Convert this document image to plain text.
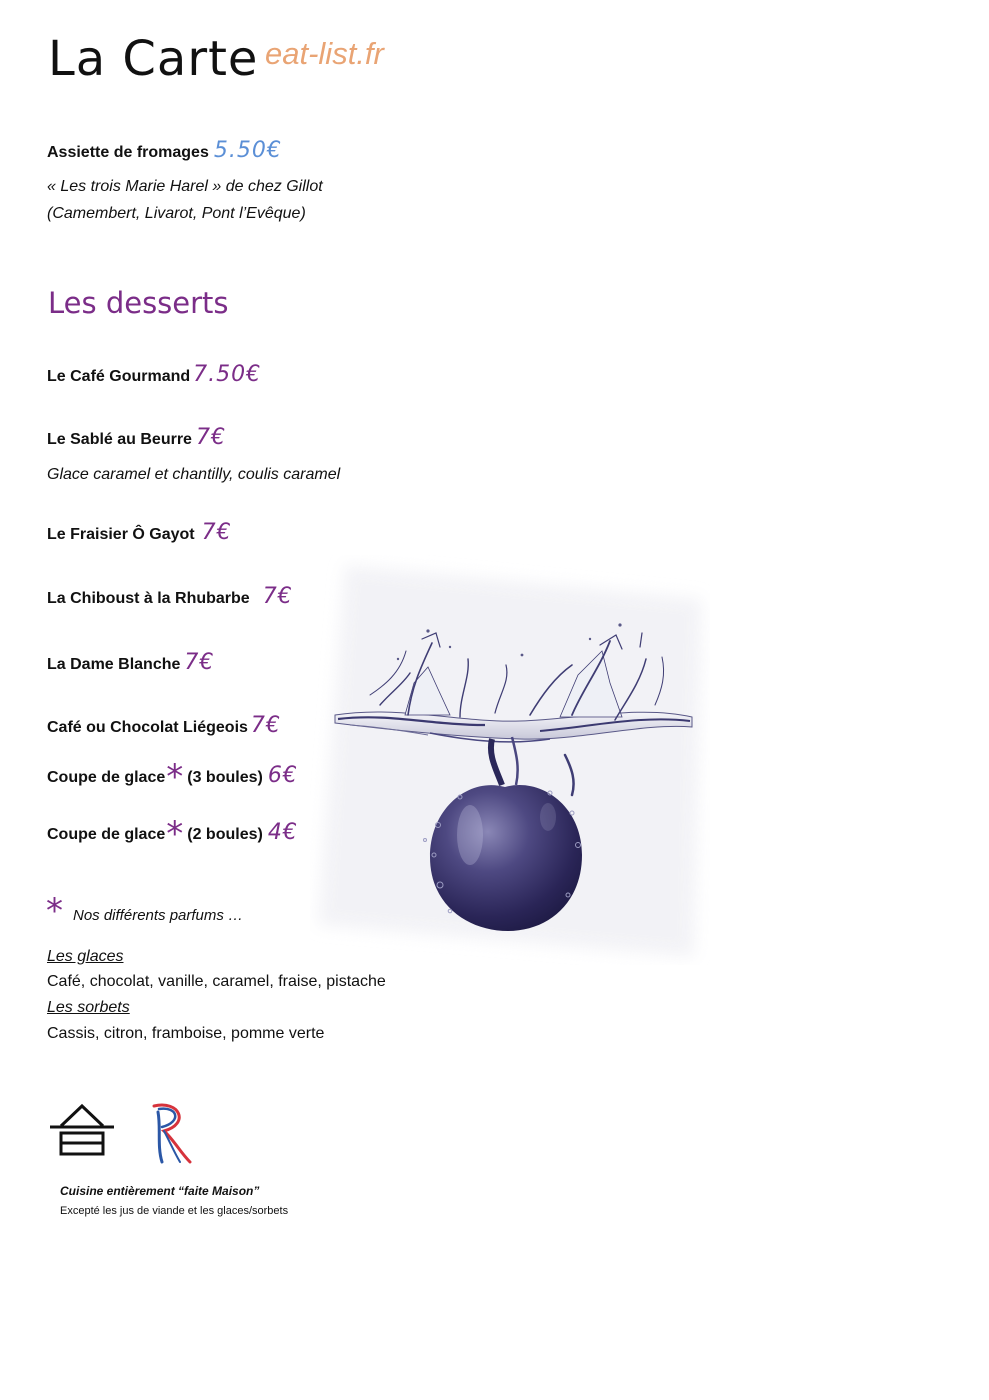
La Carte eat-list.fr
Assiette de fromages 5.50€
« Les trois Marie Harel » de chez Gillot
(Camembert, Livarot, Pont l’Evêque)
Les desserts
Le Café Gourmand 7.50€
Le Sablé au Beurre 7€
Glace caramel et chantilly, coulis caramel
Le Fraisier Ô Gayot 7€
La Chiboust à la Rhubarbe 7€
La Dame Blanche 7€
Café ou Chocolat Liégeois 7€
Coupe de glace* (3 boules) 6€
Coupe de glace* (2 boules) 4€
* Nos différents parfums …
Les glaces
Café, chocolat, vanille, caramel, fraise, pistache
Les sorbets
Cassis, citron, framboise, pomme verte
Cuisine entièrement “faite Maison”
Excepté les jus de viande et les glaces/sorbets
